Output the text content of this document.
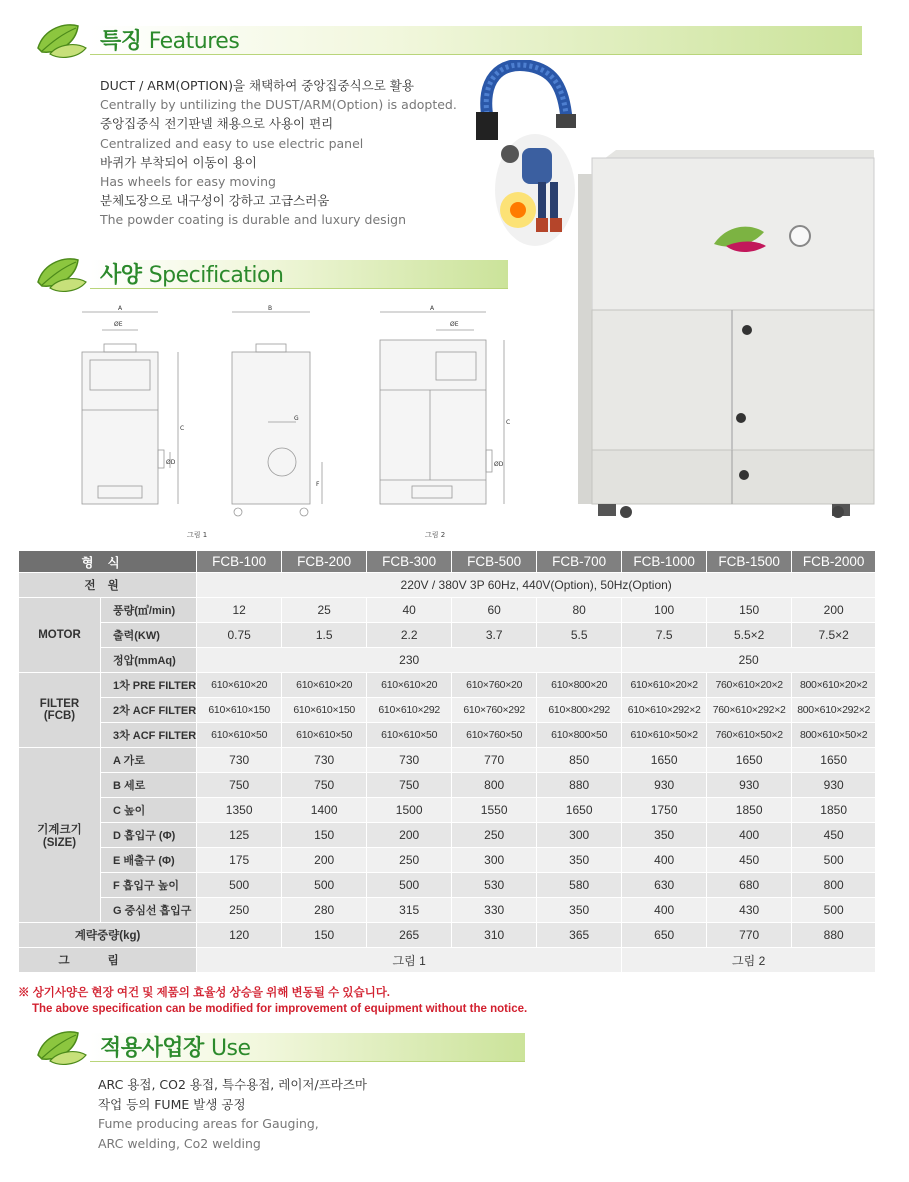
특징 Features
DUCT / ARM(OPTION)을 채택하여 중앙집중식으로 활용
Centrally by untilizing the DUST/ARM(Option) is adopted.
중앙집중식 전기판넬 채용으로 사용이 편리
Centralized and easy to use electric panel
바퀴가 부착되어 이동이 용이
Has wheels for easy moving
분체도장으로 내구성이 강하고 고급스러움
The powder coating is durable and luxury design
사양 Specification
A
ØE
C
ØD
B
G
F
A
ØE
C
ØD
그림 1	그림 2
형식		FCB-100	FCB-200	FCB-300	FCB-500	FCB-700	FCB-1000	FCB-1500	FCB-2000
전원		220V / 380V 3P 60Hz, 440V(Option), 50Hz(Option)							
MOTOR	풍량(㎥/min)	12	25	40	60	80	100	150	200
	출력(KW)	0.75	1.5	2.2	3.7	5.5	7.5	5.5×2	7.5×2
	정압(mmAq)	230					250		

FILTER
(FCB)	1차 PRE FILTER	610×610×20	610×610×20	610×610×20	610×760×20	610×800×20	610×610×20×2	760×610×20×2	800×610×20×2
	2차 ACF FILTER	610×610×150	610×610×150	610×610×292	610×760×292	610×800×292	610×610×292×2	760×610×292×2	800×610×292×2
	3차 ACF FILTER	610×610×50	610×610×50	610×610×50	610×760×50	610×800×50	610×610×50×2	760×610×50×2	800×610×50×2

기계크기
(SIZE)	A 가로	730	730	730	770	850	1650	1650	1650
	B 세로	750	750	750	800	880	930	930	930
	C 높이	1350	1400	1500	1550	1650	1750	1850	1850
	D 흡입구 (Φ)	125	150	200	250	300	350	400	450
	E 배출구 (Φ)	175	200	250	300	350	400	450	500
	F 흡입구 높이	500	500	500	530	580	630	680	800
	G 중심선 흡입구	250	280	315	330	350	400	430	500
계략중량(kg)		120	150	265	310	365	650	770	880
그림		그림 1					그림 2		
※ 상기사양은 현장 여건 및 제품의 효율성 상승을 위해 변동될 수 있습니다.
The above specification can be modified for improvement of equipment without the notice.
적용사업장 Use
ARC 용접, CO2 용접, 특수용접, 레이저/프라즈마
작업 등의 FUME 발생 공정
Fume producing areas for Gauging,
ARC welding, Co2 welding
